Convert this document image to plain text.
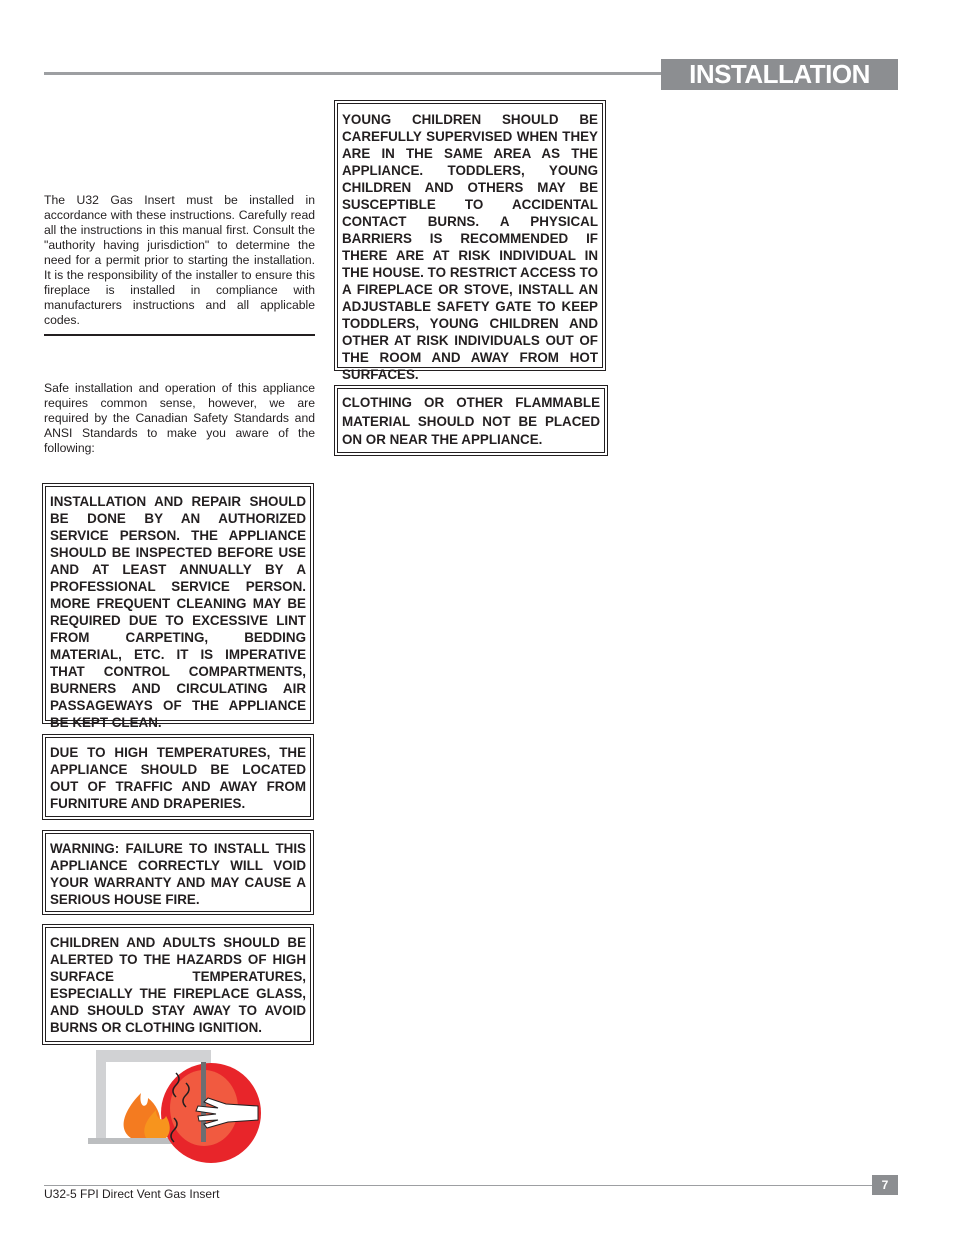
INSTALLATION
The U32 Gas Insert must be installed in accordance with these instructions. Carefully read all the instructions in this manual first. Consult the "authority having jurisdiction" to determine the need for a permit prior to starting the installation. It is the responsibility of the installer to ensure this fireplace is installed in compliance with manufacturers instructions and all applicable codes.
Safe installation and operation of this appliance requires common sense, however, we are required by the Canadian Safety Standards and ANSI Standards to make you aware of the following:
YOUNG CHILDREN SHOULD BE CAREFULLY SUPERVISED WHEN THEY ARE IN THE SAME AREA AS THE APPLIANCE. TODDLERS, YOUNG CHILDREN AND OTHERS MAY BE SUSCEPTIBLE TO ACCIDENTAL CONTACT BURNS. A PHYSICAL BARRIERS IS RECOMMENDED IF THERE ARE AT RISK INDIVIDUAL IN THE HOUSE. TO RESTRICT ACCESS TO A FIREPLACE OR STOVE, INSTALL AN ADJUSTABLE SAFETY GATE TO KEEP TODDLERS, YOUNG CHILDREN AND OTHER AT RISK INDIVIDUALS OUT OF THE ROOM AND AWAY FROM HOT SURFACES.
CLOTHING OR OTHER FLAMMABLE MATERIAL SHOULD NOT BE PLACED ON OR NEAR THE APPLIANCE.
INSTALLATION AND REPAIR SHOULD BE DONE BY AN AUTHORIZED SERVICE PERSON. THE APPLIANCE SHOULD BE INSPECTED BEFORE USE AND AT LEAST ANNUALLY BY A PROFESSIONAL SERVICE PERSON. MORE FREQUENT CLEANING MAY BE REQUIRED DUE TO EXCESSIVE LINT FROM CARPETING, BEDDING MATERIAL, ETC. IT IS IMPERATIVE THAT CONTROL COMPARTMENTS, BURNERS AND CIRCULATING AIR PASSAGEWAYS OF THE APPLIANCE BE KEPT CLEAN.
DUE TO HIGH TEMPERATURES, THE APPLIANCE SHOULD BE LOCATED OUT OF TRAFFIC AND AWAY FROM FURNITURE AND DRAPERIES.
WARNING: FAILURE TO INSTALL THIS APPLIANCE CORRECTLY WILL VOID YOUR WARRANTY AND MAY CAUSE A SERIOUS HOUSE FIRE.
CHILDREN AND ADULTS SHOULD BE ALERTED TO THE HAZARDS OF HIGH SURFACE TEMPERATURES, ESPECIALLY THE FIREPLACE GLASS, AND SHOULD STAY AWAY TO AVOID BURNS OR CLOTHING IGNITION.
U32-5 FPI Direct Vent Gas Insert
7
